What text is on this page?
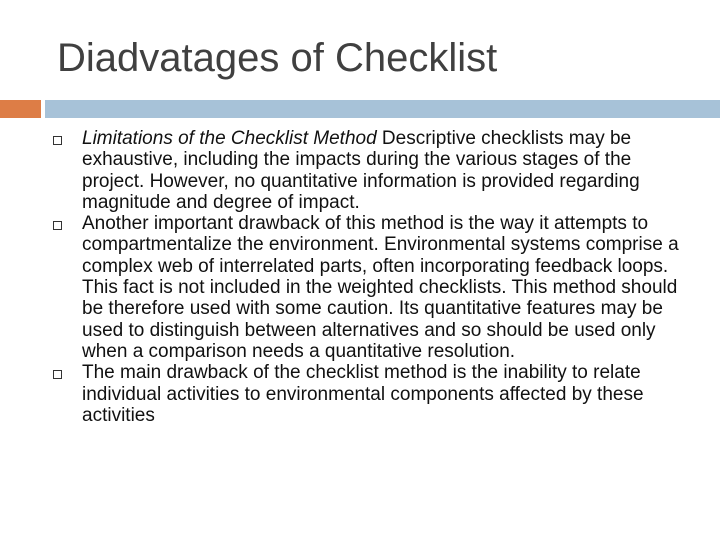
Diadvatages of Checklist
Limitations of the Checklist Method Descriptive checklists may be exhaustive, including the impacts during the various stages of the project. However, no quantitative information is provided regarding magnitude and degree of impact.
Another important drawback of this method is the way it attempts to compartmentalize the environment. Environmental systems comprise a complex web of interrelated parts, often incorporating feedback loops. This fact is not included in the weighted checklists. This method should be therefore used with some caution. Its quantitative features may be used to distinguish between alternatives and so should be used only when a comparison needs a quantitative resolution.
The main drawback of the checklist method is the inability to relate individual activities to environmental components affected by these activities
